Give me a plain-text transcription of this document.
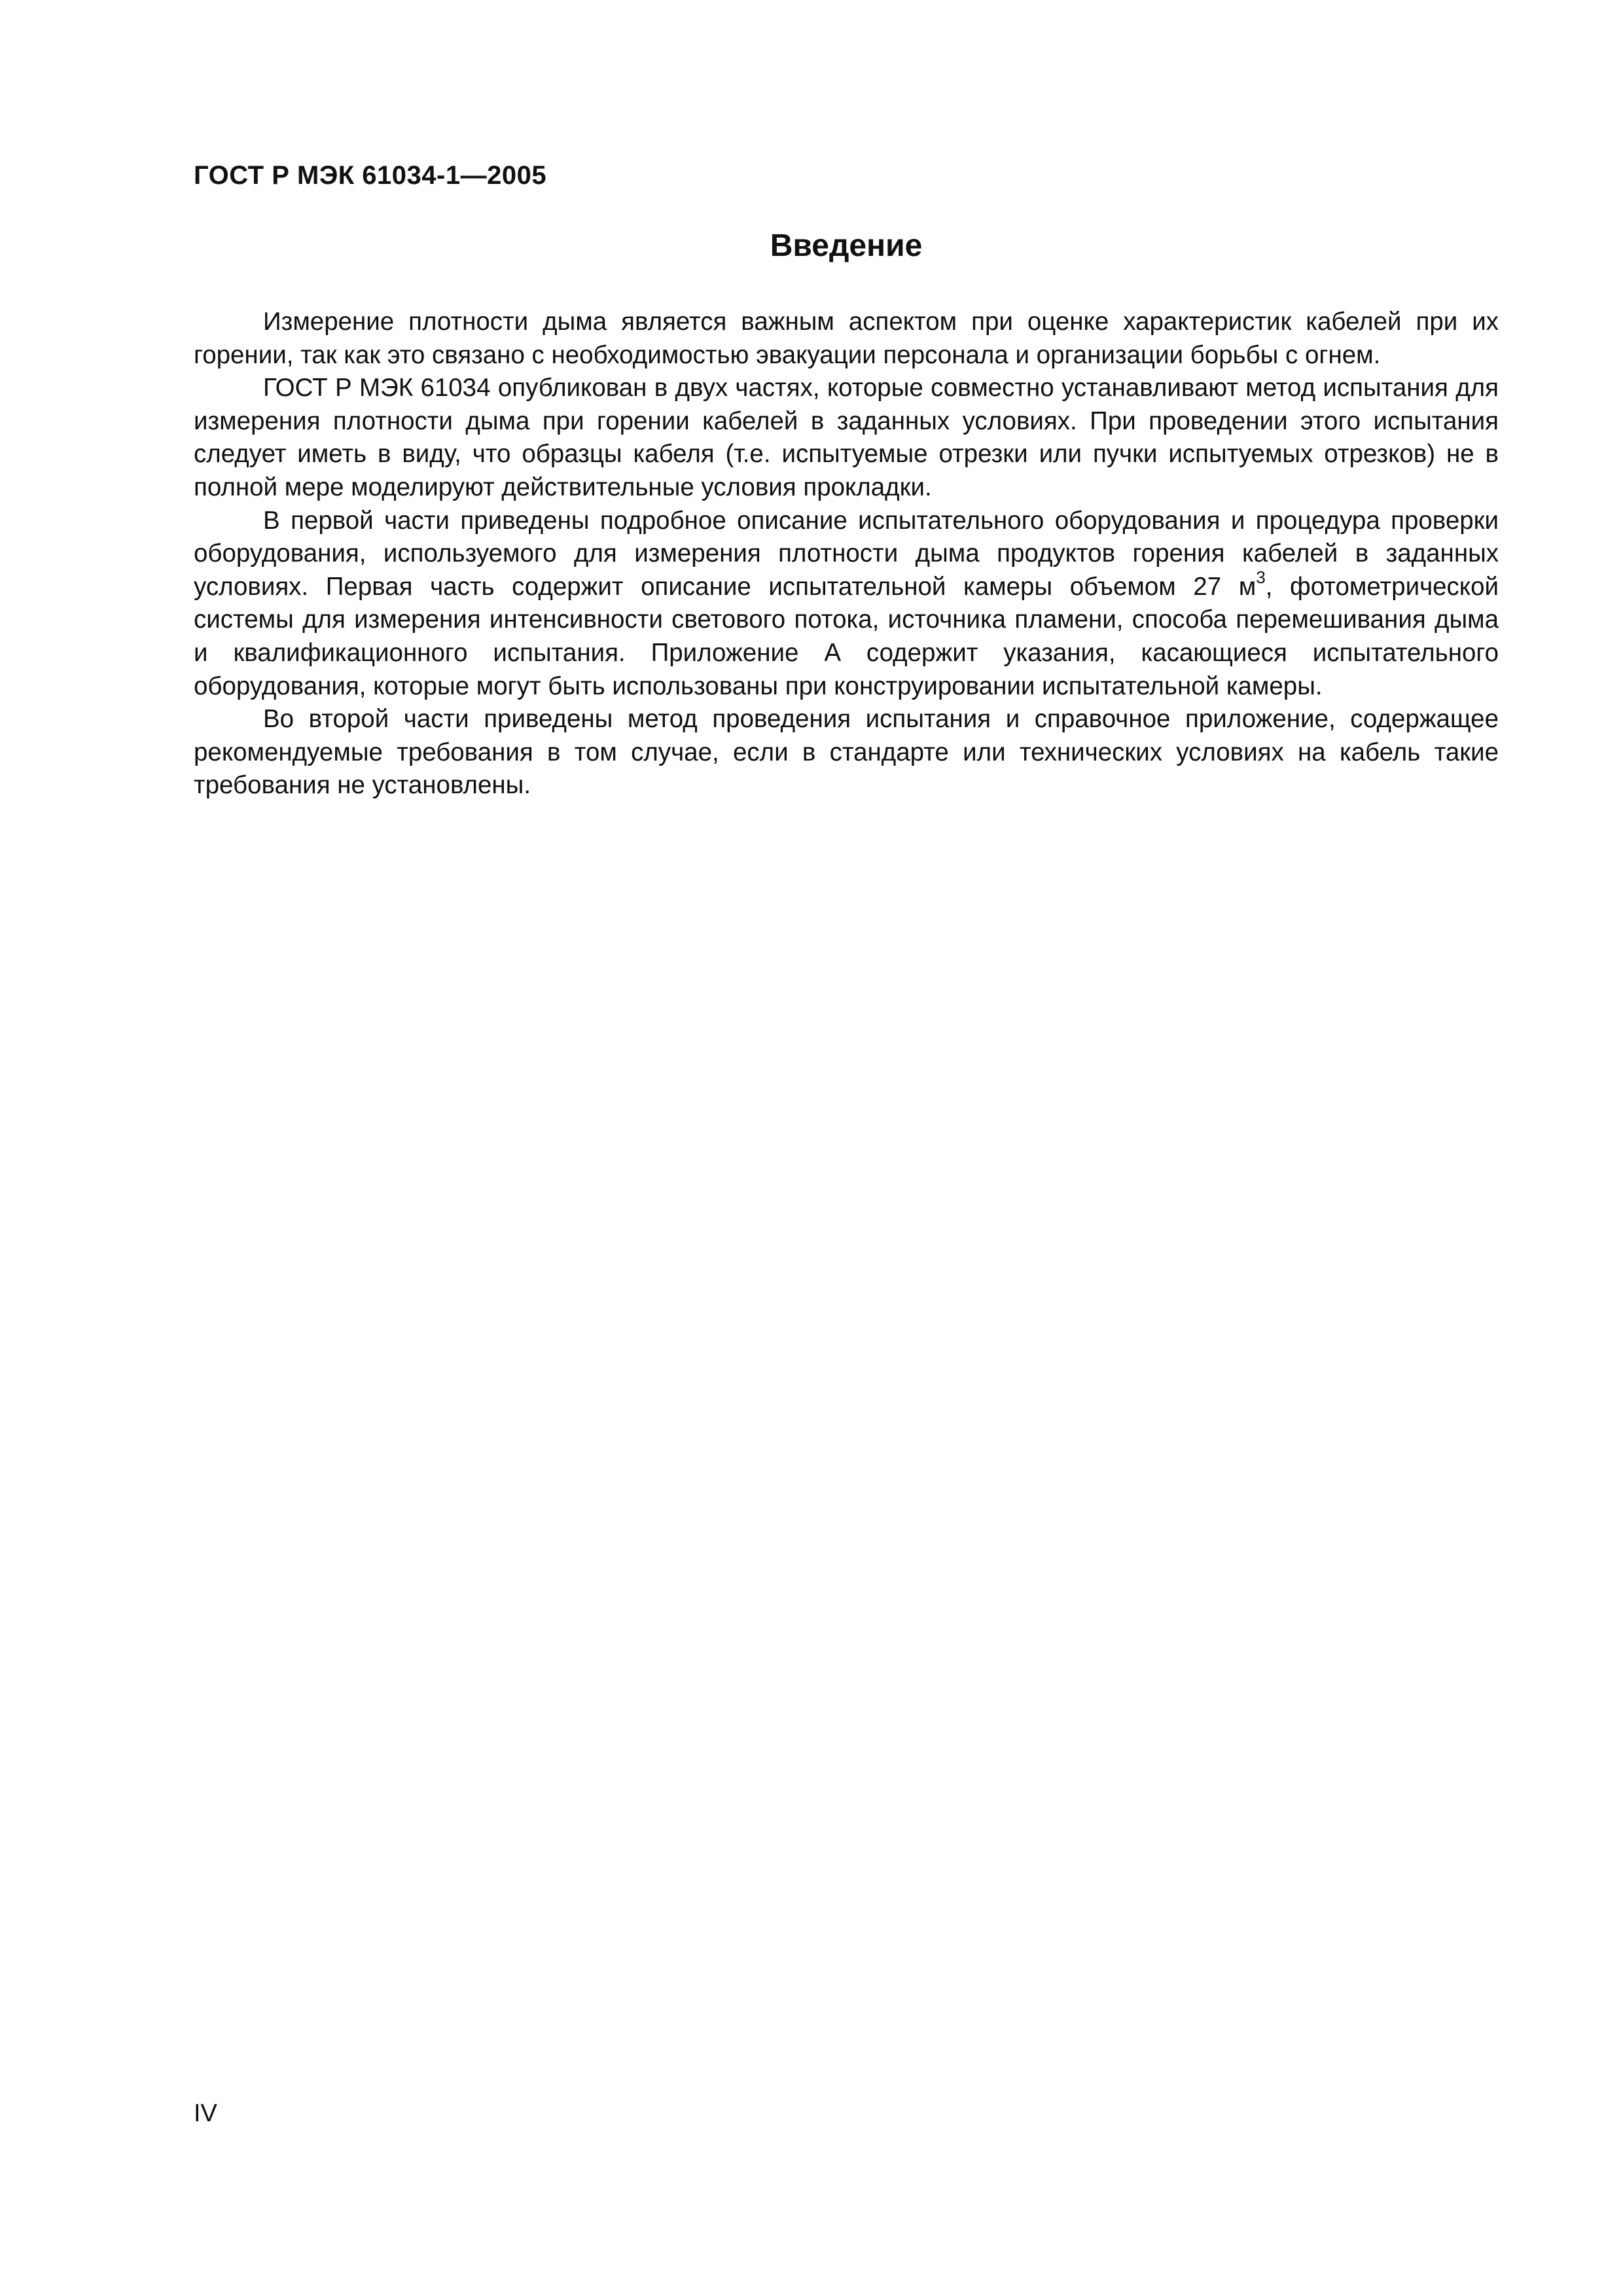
ГОСТ Р МЭК 61034-1—2005
Введение

Измерение плотности дыма является важным аспектом при оценке характеристик кабелей при их горении, так как это связано с необходимостью эвакуации персонала и организации борьбы с огнем.

ГОСТ Р МЭК 61034 опубликован в двух частях, которые совместно устанавливают метод испытания для измерения плотности дыма при горении кабелей в заданных условиях. При проведении этого испытания следует иметь в виду, что образцы кабеля (т.е. испытуемые отрезки или пучки испытуемых отрезков) не в полной мере моделируют действительные условия прокладки.

В первой части приведены подробное описание испытательного оборудования и процедура проверки оборудования, используемого для измерения плотности дыма продуктов горения кабелей в заданных условиях. Первая часть содержит описание испытательной камеры объемом 27 $м^3$, фотометрической системы для измерения интенсивности светового потока, источника пламени, способа перемешивания дыма и квалификационного испытания. Приложение А содержит указания, касающиеся испытательного оборудования, которые могут быть использованы при конструировании испытательной камеры.

Во второй части приведены метод проведения испытания и справочное приложение, содержащее рекомендуемые требования в том случае, если в стандарте или технических условиях на кабель такие требования не установлены.

IV
